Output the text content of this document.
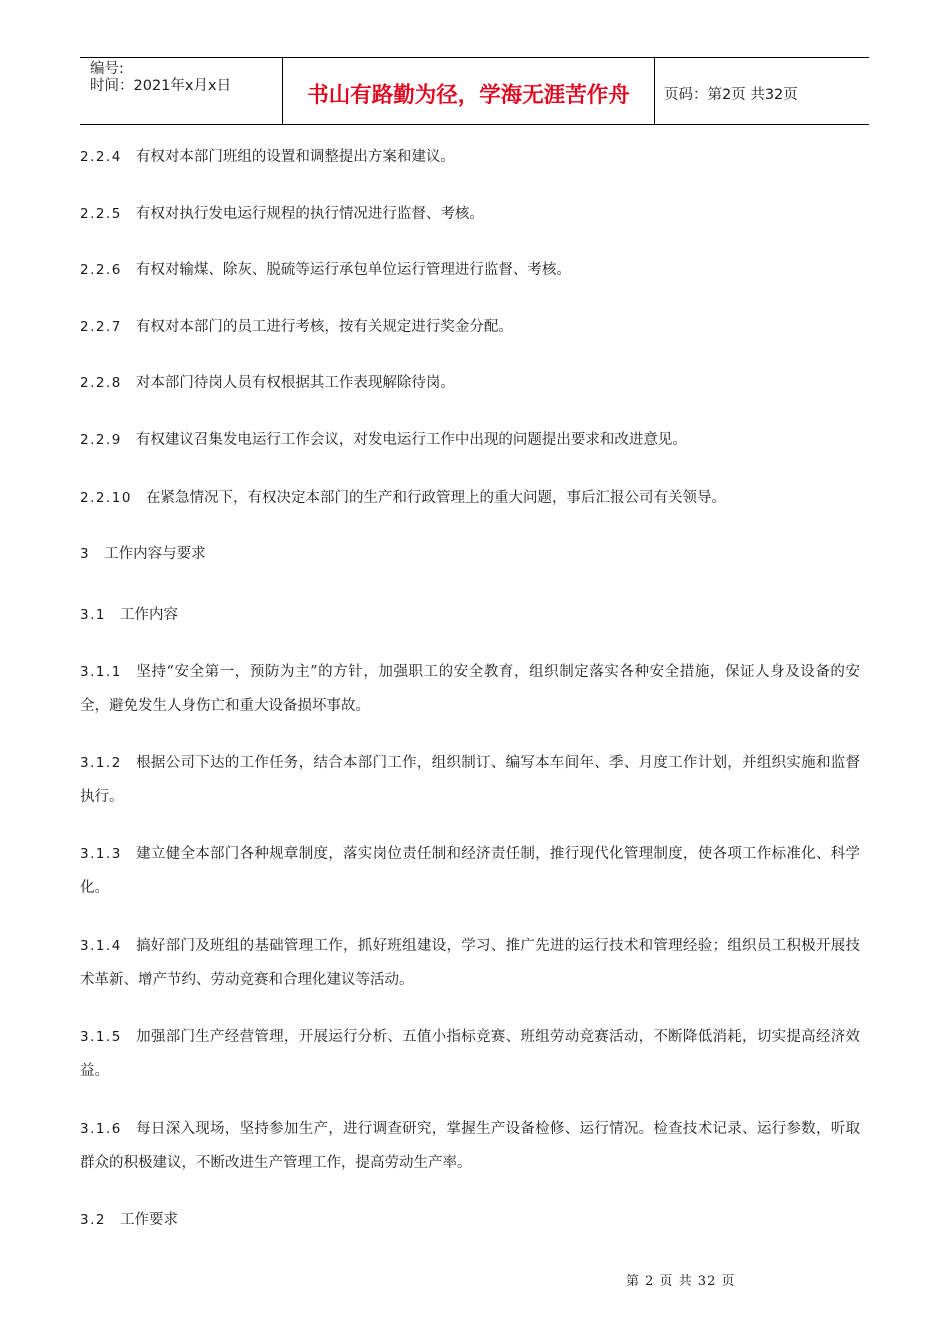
编号:
时间：2021年x月x日	书山有路勤为径，学海无涯苦作舟	页码：第2页 共32页
2.2.4 有权对本部门班组的设置和调整提出方案和建议。
2.2.5 有权对执行发电运行规程的执行情况进行监督、考核。
2.2.6 有权对输煤、除灰、脱硫等运行承包单位运行管理进行监督、考核。
2.2.7 有权对本部门的员工进行考核，按有关规定进行奖金分配。
2.2.8 对本部门待岗人员有权根据其工作表现解除待岗。
2.2.9 有权建议召集发电运行工作会议，对发电运行工作中出现的问题提出要求和改进意见。
2.2.10 在紧急情况下，有权决定本部门的生产和行政管理上的重大问题，事后汇报公司有关领导。
3 工作内容与要求
3.1 工作内容
3.1.1 坚持“安全第一，预防为主”的方针，加强职工的安全教育，组织制定落实各种安全措施，保证人身及设备的安全，避免发生人身伤亡和重大设备损坏事故。
3.1.2 根据公司下达的工作任务，结合本部门工作，组织制订、编写本车间年、季、月度工作计划，并组织实施和监督执行。
3.1.3 建立健全本部门各种规章制度，落实岗位责任制和经济责任制，推行现代化管理制度，使各项工作标准化、科学化。
3.1.4 搞好部门及班组的基础管理工作，抓好班组建设，学习、推广先进的运行技术和管理经验；组织员工积极开展技术革新、增产节约、劳动竞赛和合理化建议等活动。
3.1.5 加强部门生产经营管理，开展运行分析、五值小指标竞赛、班组劳动竞赛活动，不断降低消耗，切实提高经济效益。
3.1.6 每日深入现场，坚持参加生产，进行调查研究，掌握生产设备检修、运行情况。检查技术记录、运行参数，听取群众的积极建议，不断改进生产管理工作，提高劳动生产率。
3.2 工作要求
第 2 页 共 32 页
